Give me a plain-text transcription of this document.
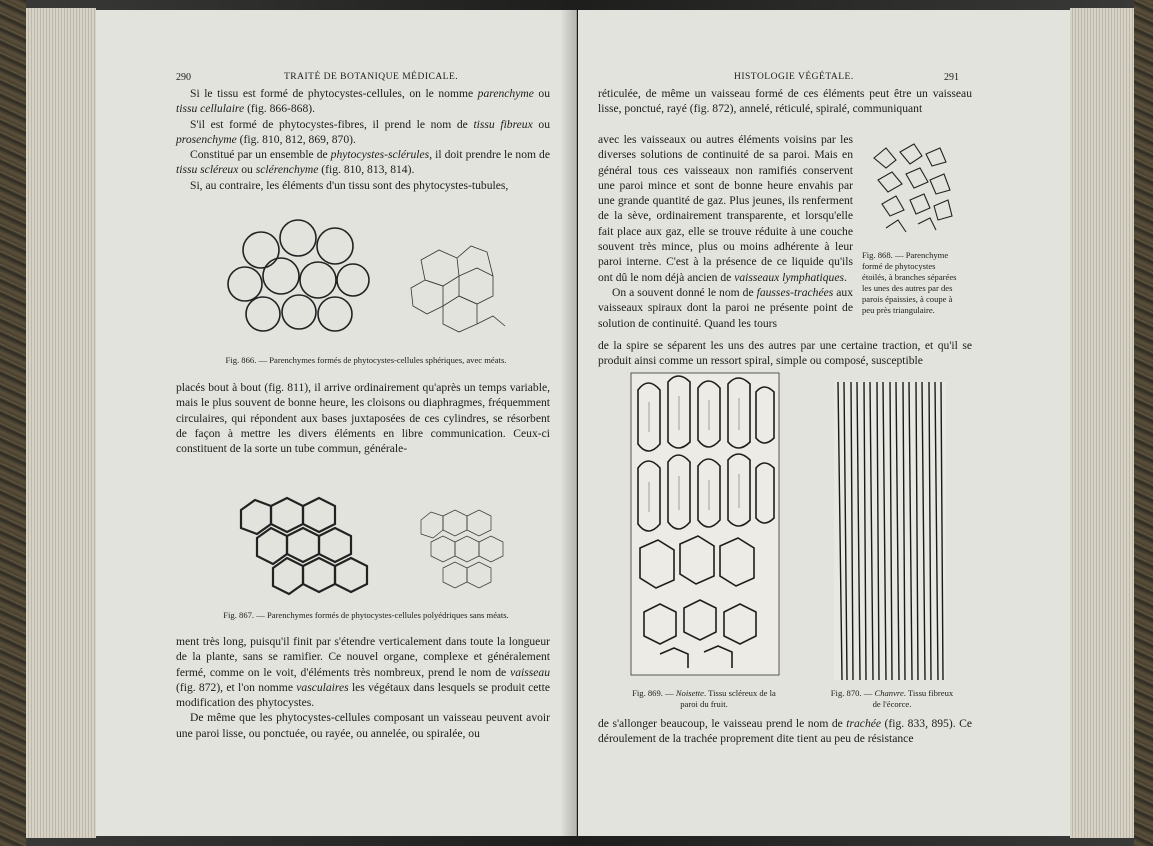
290	TRAITÉ DE BOTANIQUE MÉDICALE.

Si le tissu est formé de phytocystes-cellules, on le nomme parenchyme ou tissu cellulaire (fig. 866-868).

S'il est formé de phytocystes-fibres, il prend le nom de tissu fibreux ou prosenchyme (fig. 810, 812, 869, 870).

Constitué par un ensemble de phytocystes-sclérules, il doit prendre le nom de tissu scléreux ou sclérenchyme (fig. 810, 813, 814).

Si, au contraire, les éléments d'un tissu sont des phytocystes-tubules,

Fig. 866. — Parenchymes formés de phytocystes-cellules sphériques, avec méats.

placés bout à bout (fig. 811), il arrive ordinairement qu'après un temps variable, mais le plus souvent de bonne heure, les cloisons ou diaphragmes, fréquemment circulaires, qui répondent aux bases juxtaposées de ces cylindres, se résorbent de façon à mettre les divers éléments en libre communication. Ceux-ci constituent de la sorte un tube commun, générale-

Fig. 867. — Parenchymes formés de phytocystes-cellules polyédriques sans méats.

ment très long, puisqu'il finit par s'étendre verticalement dans toute la longueur de la plante, sans se ramifier. Ce nouvel organe, complexe et généralement fermé, comme on le voit, d'éléments très nombreux, prend le nom de vaisseau (fig. 872), et l'on nomme vasculaires les végétaux dans lesquels se produit cette modification des phytocystes.

De même que les phytocystes-cellules composant un vaisseau peuvent avoir une paroi lisse, ou ponctuée, ou rayée, ou annelée, ou spiralée, ou

HISTOLOGIE VÉGÉTALE.	291

réticulée, de même un vaisseau formé de ces éléments peut être un vaisseau lisse, ponctué, rayé (fig. 872), annelé, réticulé, spiralé, communiquant

avec les vaisseaux ou autres éléments voisins par les diverses solutions de continuité de sa paroi. Mais en général tous ces vaisseaux non ramifiés conservent une paroi mince et sont de bonne heure envahis par une grande quantité de gaz. Plus jeunes, ils renferment de la sève, ordinairement transparente, et lorsqu'elle fait place aux gaz, elle se trouve réduite à une couche souvent très mince, plus ou moins adhérente à leur paroi interne. C'est à la présence de ce liquide qu'ils ont dû le nom déjà ancien de vaisseaux lymphatiques.

On a souvent donné le nom de fausses-trachées aux vaisseaux spiraux dont la paroi ne présente point de solution de continuité. Quand les tours

Fig. 868. — Parenchyme formé de phytocystes étoilés, à branches séparées les unes des autres par des parois épaissies, à coupe à peu près triangulaire.

de la spire se séparent les uns des autres par une certaine traction, et qu'il se produit ainsi comme un ressort spiral, simple ou composé, susceptible

Fig. 869. — Noisette. Tissu scléreux de la paroi du fruit.
Fig. 870. — Chanvre. Tissu fibreux de l'écorce.

de s'allonger beaucoup, le vaisseau prend le nom de trachée (fig. 833, 895). Ce déroulement de la trachée proprement dite tient au peu de résistance
